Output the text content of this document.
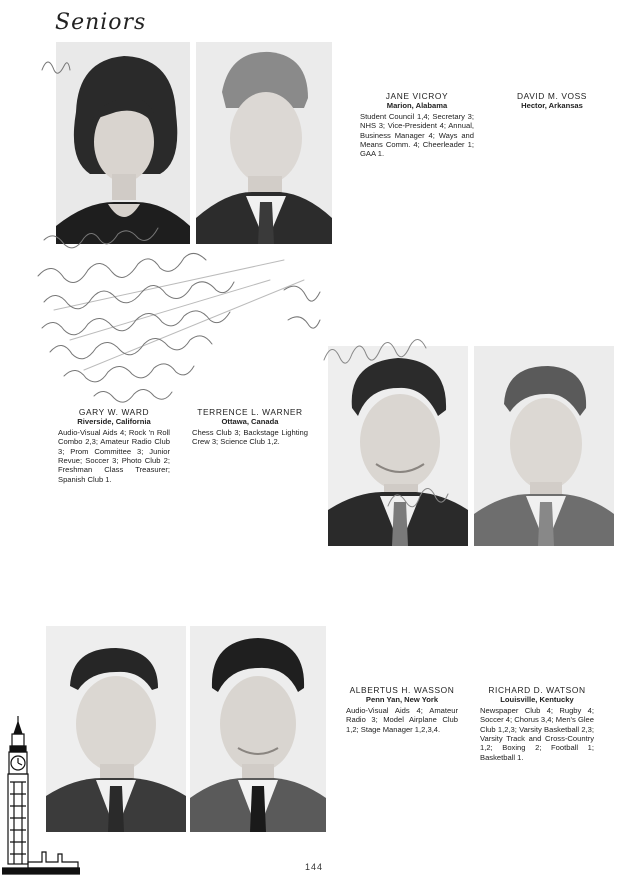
Seniors
JANE VICROY
Marion, Alabama
Student Council 1,4; Secretary 3; NHS 3; Vice-President 4; Annual, Business Manager 4; Ways and Means Comm. 4; Cheerleader 1; GAA 1.
DAVID M. VOSS
Hector, Arkansas
GARY W. WARD
Riverside, California
Audio-Visual Aids 4; Rock 'n Roll Combo 2,3; Amateur Radio Club 3; Prom Committee 3; Junior Revue; Soccer 3; Photo Club 2; Freshman Class Treasurer; Spanish Club 1.
TERRENCE L. WARNER
Ottawa, Canada
Chess Club 3; Backstage Lighting Crew 3; Science Club 1,2.
ALBERTUS H. WASSON
Penn Yan, New York
Audio-Visual Aids 4; Amateur Radio 3; Model Airplane Club 1,2; Stage Manager 1,2,3,4.
RICHARD D. WATSON
Louisville, Kentucky
Newspaper Club 4; Rugby 4; Soccer 4; Chorus 3,4; Men's Glee Club 1,2,3; Varsity Basketball 2,3; Varsity Track and Cross-Country 1,2; Boxing 2; Football 1; Basketball 1.
144
